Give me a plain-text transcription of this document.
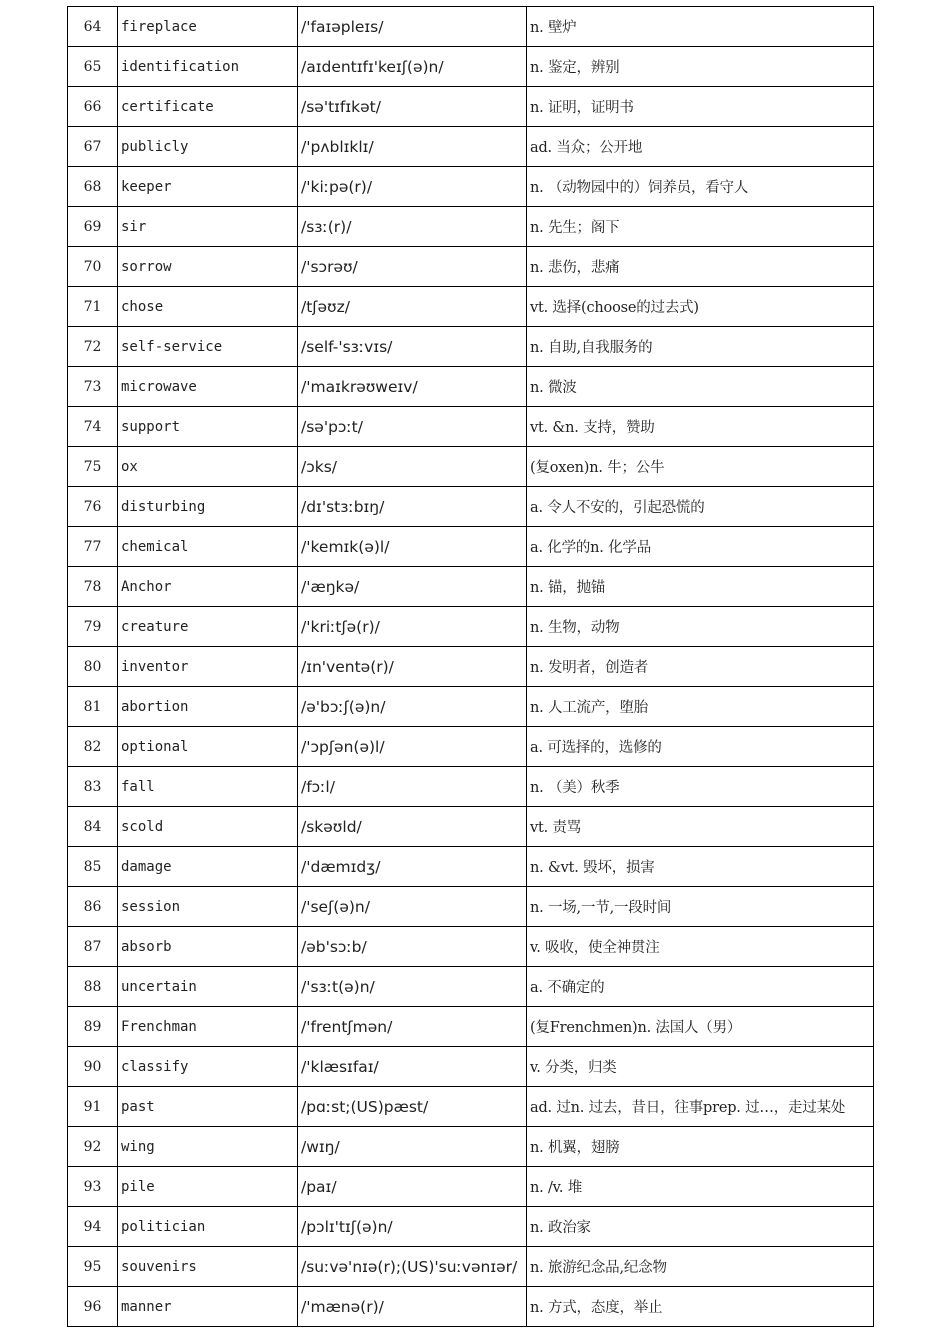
64	fireplace	/'faɪəpleɪs/	n. 壁炉
65	identification	/aɪdentɪfɪ'keɪʃ(ə)n/	n. 鉴定，辨别
66	certificate	/sə'tɪfɪkət/	n. 证明，证明书
67	publicly	/'pʌblɪklɪ/	ad. 当众；公开地
68	keeper	/'kiːpə(r)/	n. （动物园中的）饲养员，看守人
69	sir	/sɜː(r)/	n. 先生；阁下
70	sorrow	/'sɔrəʊ/	n. 悲伤，悲痛
71	chose	/tʃəʊz/	vt. 选择(choose的过去式)
72	self-service	/self-'sɜːvɪs/	n. 自助,自我服务的
73	microwave	/'maɪkrəʊweɪv/	n. 微波
74	support	/sə'pɔːt/	vt. &n. 支持，赞助
75	ox	/ɔks/	(复oxen)n. 牛；公牛
76	disturbing	/dɪ'stɜːbɪŋ/	a. 令人不安的，引起恐慌的
77	chemical	/'kemɪk(ə)l/	a. 化学的n. 化学品
78	Anchor	/'æŋkə/	n. 锚，抛锚
79	creature	/'kriːtʃə(r)/	n. 生物，动物
80	inventor	/ɪn'ventə(r)/	n. 发明者，创造者
81	abortion	/ə'bɔːʃ(ə)n/	n. 人工流产，堕胎
82	optional	/'ɔpʃən(ə)l/	a. 可选择的，选修的
83	fall	/fɔːl/	n. （美）秋季
84	scold	/skəʊld/	vt. 责骂
85	damage	/'dæmɪdʒ/	n. &vt. 毁坏，损害
86	session	/'seʃ(ə)n/	n. 一场,一节,一段时间
87	absorb	/əb'sɔːb/	v. 吸收，使全神贯注
88	uncertain	/'sɜːt(ə)n/	a. 不确定的
89	Frenchman	/'frentʃmən/	(复Frenchmen)n. 法国人（男）
90	classify	/'klæsɪfaɪ/	v. 分类，归类
91	past	/pɑːst;(US)pæst/	ad. 过n. 过去，昔日，往事prep. 过…，走过某处
92	wing	/wɪŋ/	n. 机翼，翅膀
93	pile	/paɪ/	n. /v. 堆
94	politician	/pɔlɪ'tɪʃ(ə)n/	n. 政治家
95	souvenirs	/suːvə'nɪə(r);(US)'suːvənɪər/	n. 旅游纪念品,纪念物
96	manner	/'mænə(r)/	n. 方式，态度，举止
